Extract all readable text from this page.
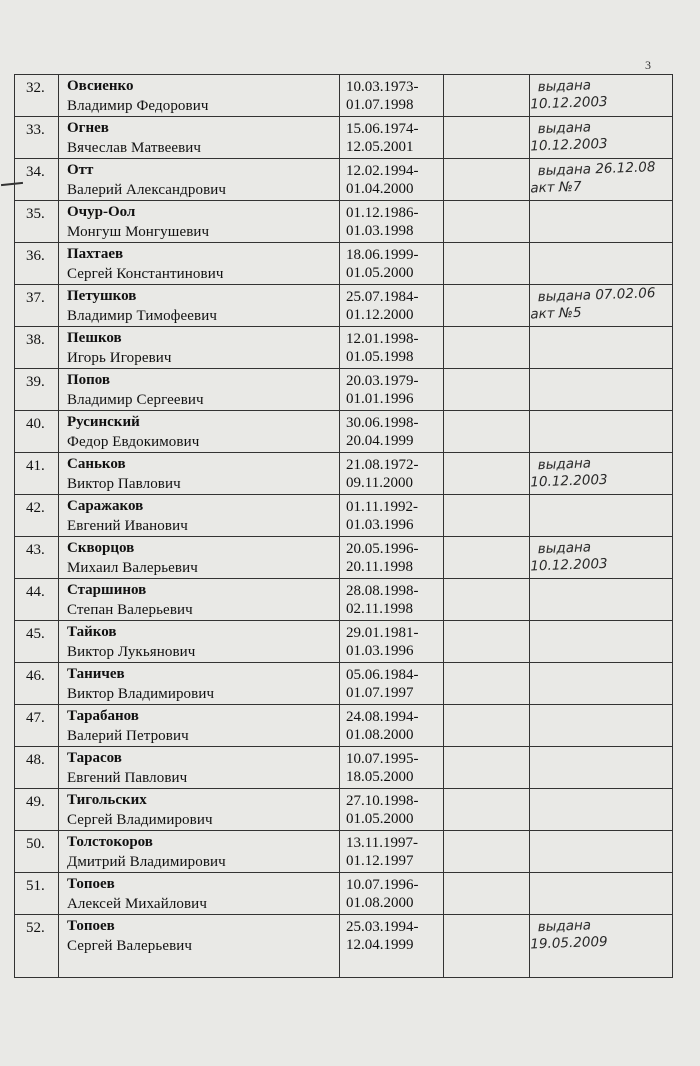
3
32.	Овсиенко
Владимир Федорович	10.03.1973-
01.07.1998		выдана
10.12.2003

33.	Огнев
Вячеслав Матвеевич	15.06.1974-
12.05.2001		выдана
10.12.2003

34.	Отт
Валерий Александрович	12.02.1994-
01.04.2000		выдана 26.12.08
акт №7

35.	Очур-Оол
Монгуш Монгушевич	01.12.1986-
01.03.1998		

36.	Пахтаев
Сергей Константинович	18.06.1999-
01.05.2000		

37.	Петушков
Владимир Тимофеевич	25.07.1984-
01.12.2000		выдана 07.02.06
акт №5

38.	Пешков
Игорь Игоревич	12.01.1998-
01.05.1998		

39.	Попов
Владимир Сергеевич	20.03.1979-
01.01.1996		

40.	Русинский
Федор Евдокимович	30.06.1998-
20.04.1999		

41.	Саньков
Виктор Павлович	21.08.1972-
09.11.2000		выдана
10.12.2003

42.	Саражаков
Евгений Иванович	01.11.1992-
01.03.1996		

43.	Скворцов
Михаил Валерьевич	20.05.1996-
20.11.1998		выдана
10.12.2003

44.	Старшинов
Степан Валерьевич	28.08.1998-
02.11.1998		

45.	Тайков
Виктор Лукьянович	29.01.1981-
01.03.1996		

46.	Таничев
Виктор Владимирович	05.06.1984-
01.07.1997		

47.	Тарабанов
Валерий Петрович	24.08.1994-
01.08.2000		

48.	Тарасов
Евгений Павлович	10.07.1995-
18.05.2000		

49.	Тигольских
Сергей Владимирович	27.10.1998-
01.05.2000		

50.	Толстокоров
Дмитрий Владимирович	13.11.1997-
01.12.1997		

51.	Топоев
Алексей Михайлович	10.07.1996-
01.08.2000		

52.	Топоев
Сергей Валерьевич	25.03.1994-
12.04.1999		выдана
19.05.2009
